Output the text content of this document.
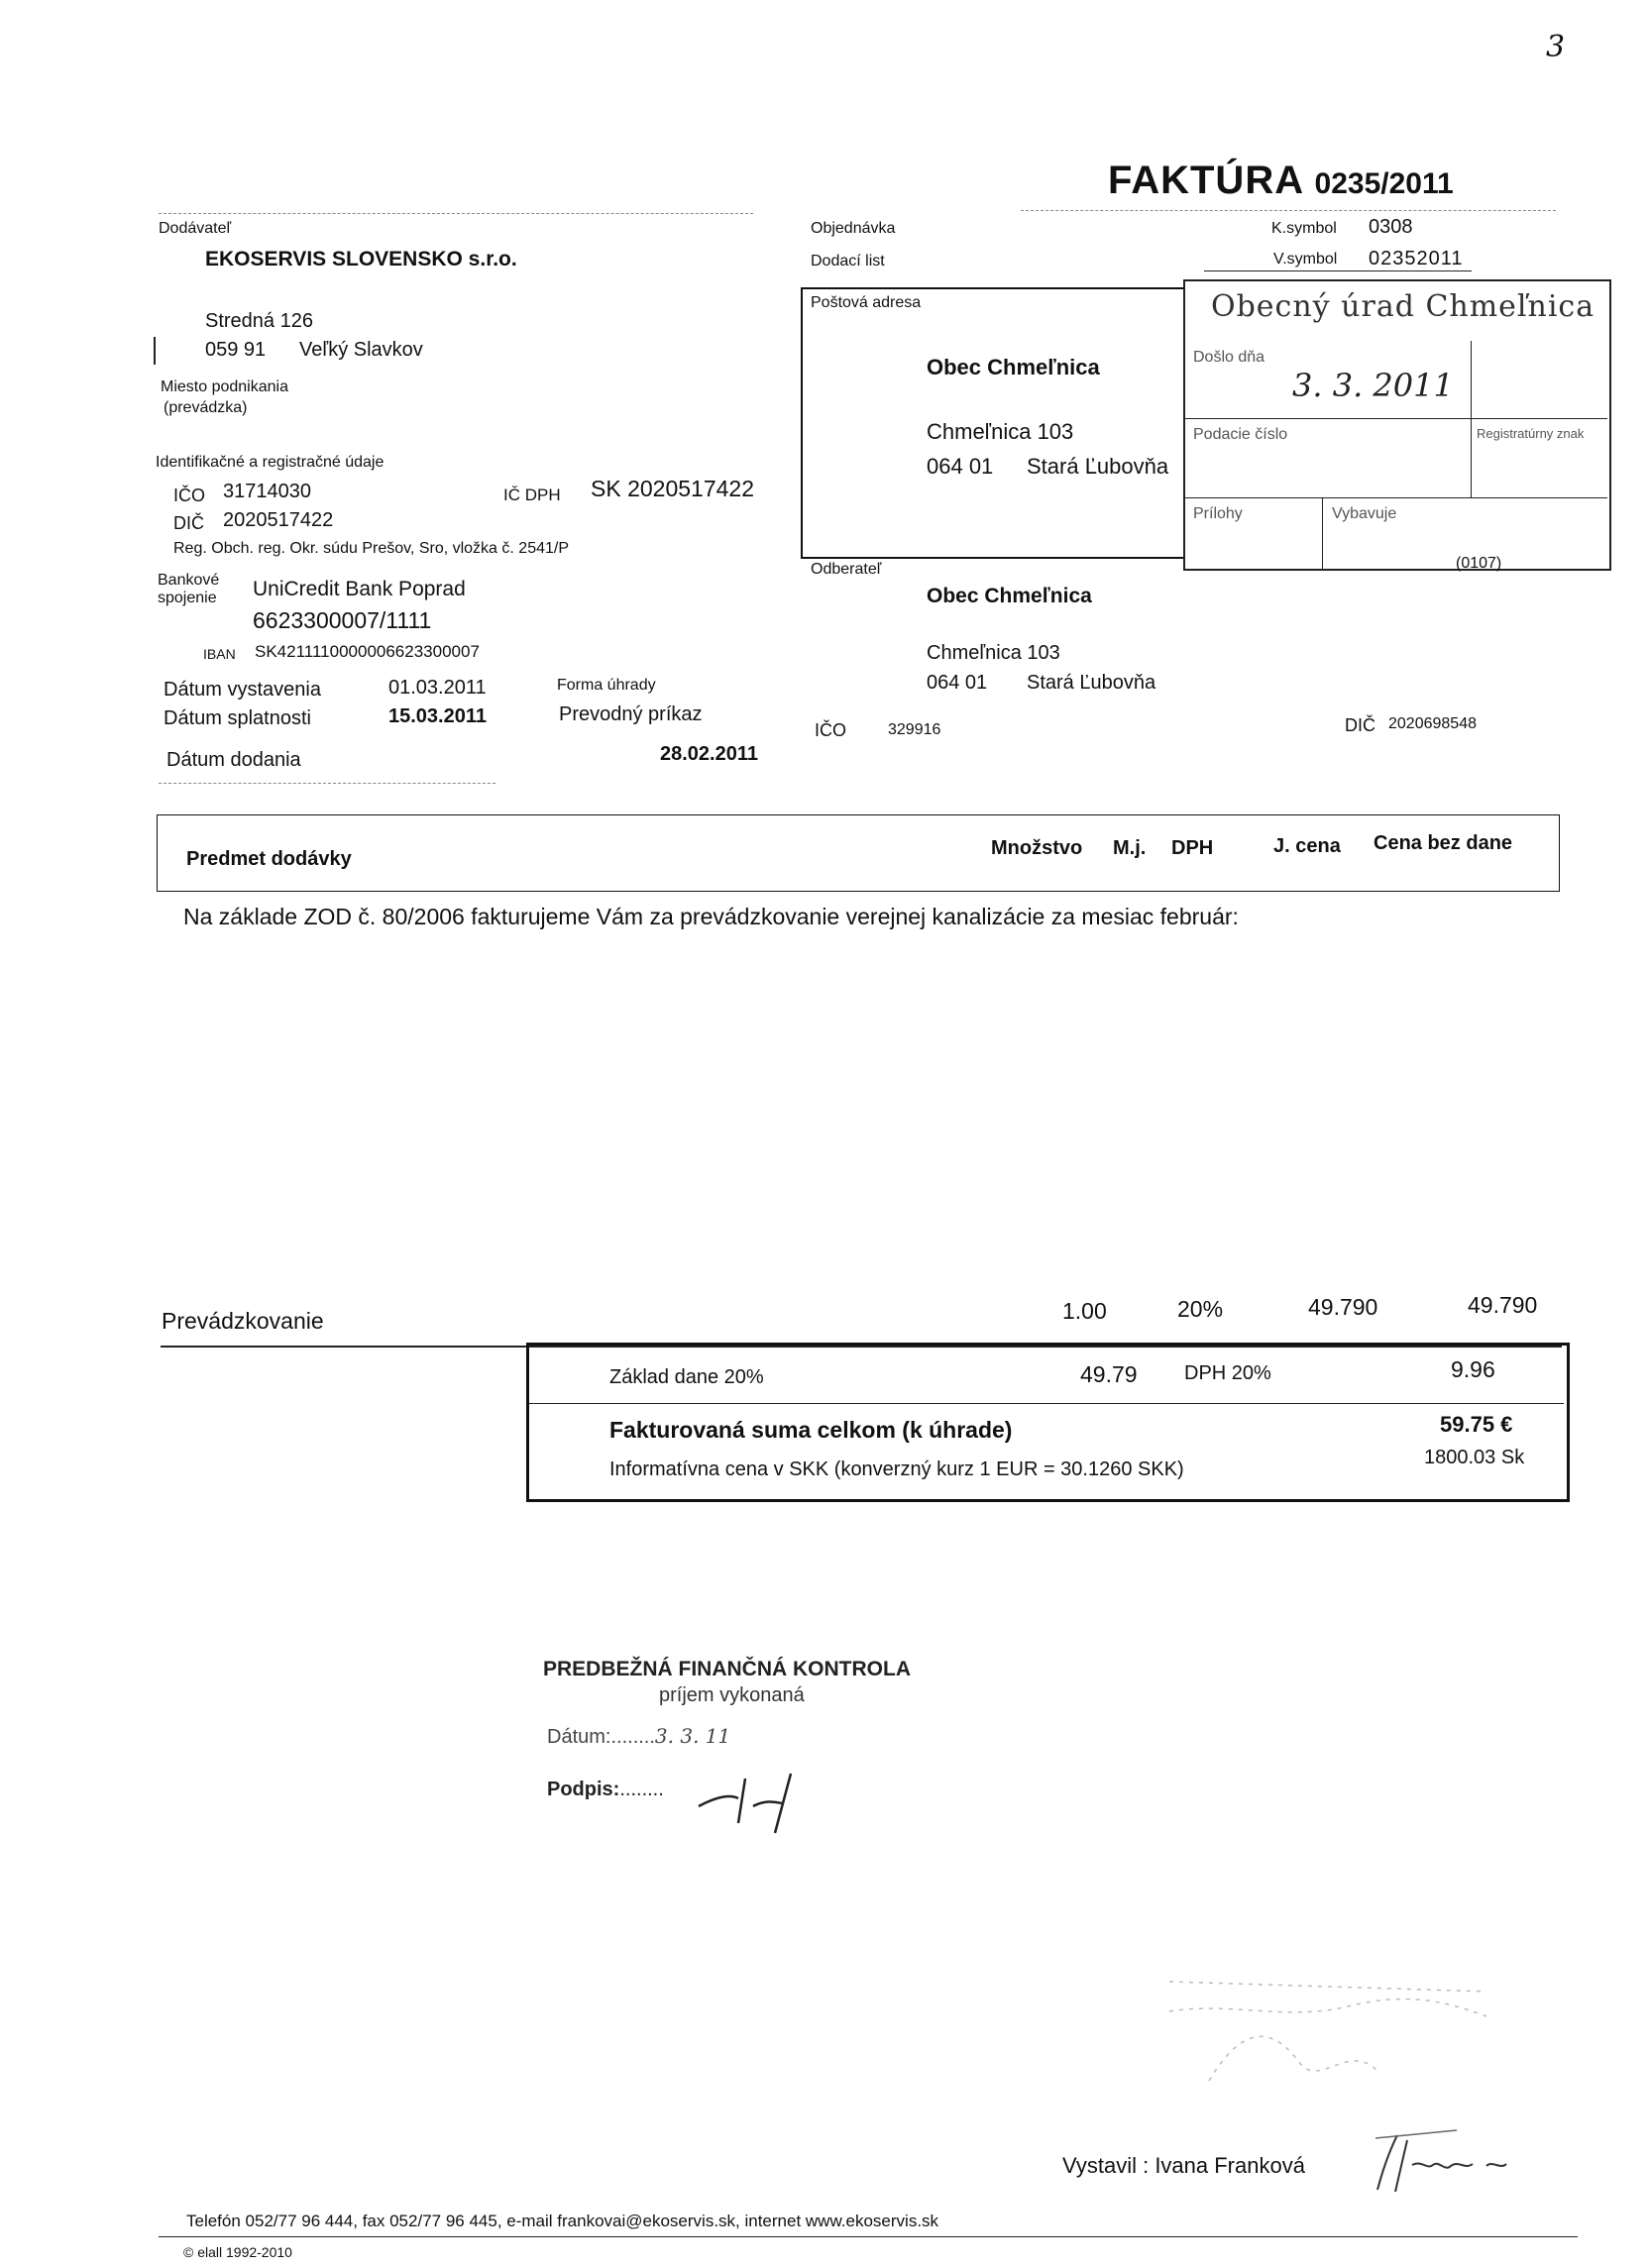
3
FAKTÚRA 0235/2011
Dodávateľ
EKOSERVIS SLOVENSKO s.r.o.
Stredná 126
059 91 Veľký Slavkov
Miesto podnikania
(prevádzka)
Identifikačné a registračné údaje
IČO 31714030	IČ DPH SK 2020517422
DIČ 2020517422
Reg. Obch. reg. Okr. súdu Prešov, Sro, vložka č. 2541/P
Bankové
spojenie UniCredit Bank Poprad
6623300007/1111
IBAN SK4211110000006623300007
Dátum vystavenia	01.03.2011	Forma úhrady
Dátum splatnosti	15.03.2011	Prevodný príkaz
Dátum dodania	28.02.2011
Objednávka
Dodací list
K.symbol 0308
V.symbol 02352011
Poštová adresa
Obec Chmeľnica
Chmeľnica 103
064 01 Stará Ľubovňa
Obecný úrad Chmeľnica
Došlo dňa
3. 3. 2011
Podacie číslo	Registratúrny znak
Prílohy	Vybavuje
(0107)
Odberateľ
Obec Chmeľnica
Chmeľnica 103
064 01 Stará Ľubovňa
IČO	329916	DIČ 2020698548
Predmet dodávky	Množstvo M.j. DPH	J. cena Cena bez dane
Na základe ZOD č. 80/2006 fakturujeme Vám za prevádzkovanie verejnej kanalizácie za mesiac február:
Prevádzkovanie	1.00	20%	49.790	49.790
Základ dane 20%	49.79 DPH 20%	9.96
Fakturovaná suma celkom (k úhrade)	59.75 €
Informatívna cena v SKK (konverzný kurz 1 EUR = 30.1260 SKK)
1800.03 Sk
PREDBEŽNÁ FINANČNÁ KONTROLA
príjem vykonaná
Dátum:........3. 3. 11
Podpis:........
Vystavil : Ivana Franková
Telefón 052/77 96 444, fax 052/77 96 445, e-mail frankovai@ekoservis.sk, internet www.ekoservis.sk
© elall 1992-2010
